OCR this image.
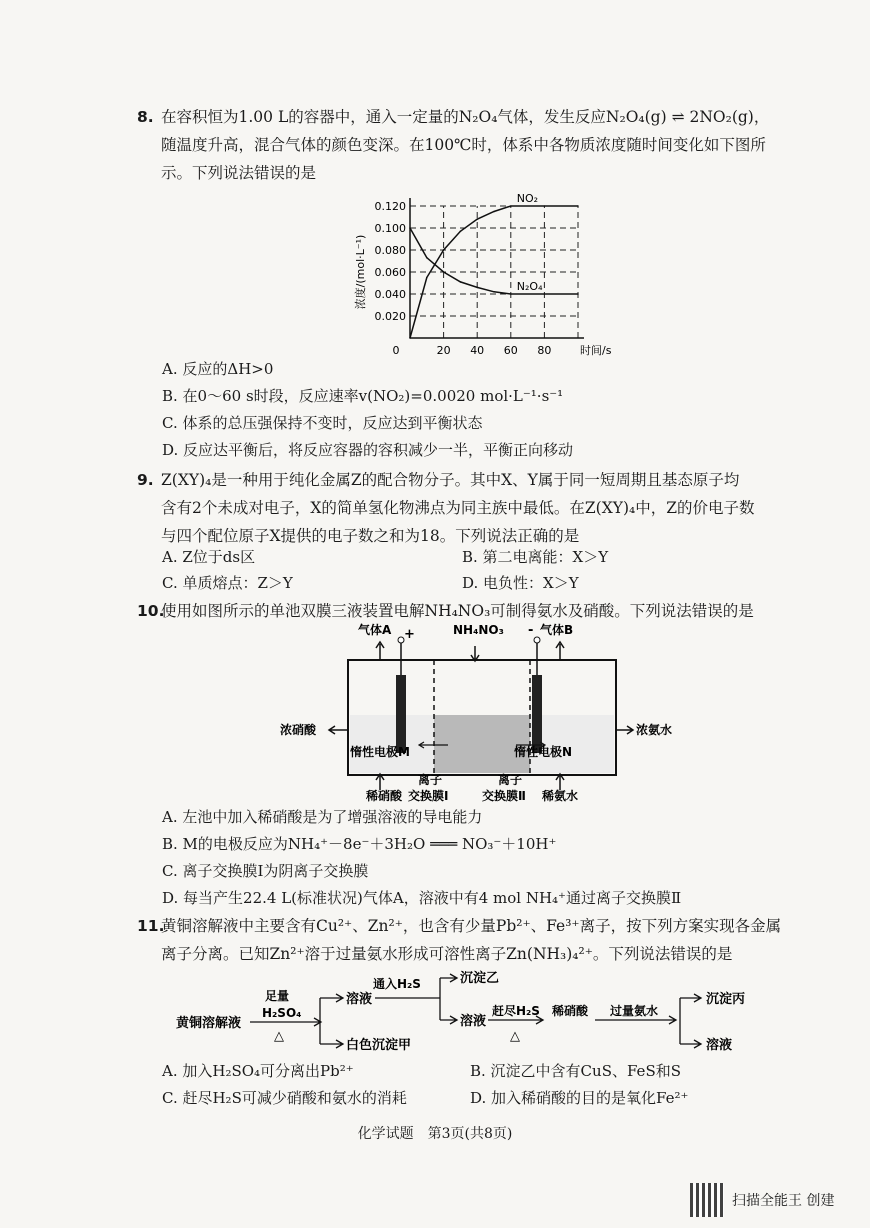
8. 在容积恒为1.00 L的容器中，通入一定量的N₂O₄气体，发生反应N₂O₄(g) ⇌ 2NO₂(g)，
随温度升高，混合气体的颜色变深。在100℃时，体系中各物质浓度随时间变化如下图所
示。下列说法错误的是
0.020
0.040
0.060
0.080
0.100
0.120
0	20 40 60 80	时间/s
浓度/(mol·L⁻¹)
NO₂
N₂O₄
A. 反应的ΔH>0
B. 在0～60 s时段，反应速率v(NO₂)=0.0020 mol·L⁻¹·s⁻¹
C. 体系的总压强保持不变时，反应达到平衡状态
D. 反应达平衡后，将反应容器的容积减少一半，平衡正向移动
9. Z(XY)₄是一种用于纯化金属Z的配合物分子。其中X、Y属于同一短周期且基态原子均
含有2个未成对电子，X的简单氢化物沸点为同主族中最低。在Z(XY)₄中，Z的价电子数
与四个配位原子X提供的电子数之和为18。下列说法正确的是
A. Z位于ds区	B. 第二电离能：X＞Y
C. 单质熔点：Z＞Y	D. 电负性：X＞Y
10.使用如图所示的单池双膜三液装置电解NH₄NO₃可制得氨水及硝酸。下列说法错误的是
气体A +	NH₄NO₃ - 气体B
浓硝酸	浓氨水
惰性电极M	惰性电极N
离子
交换膜Ⅰ
离子
交换膜Ⅱ
稀硝酸	稀氨水
A. 左池中加入稀硝酸是为了增强溶液的导电能力
B. M的电极反应为NH₄⁺－8e⁻＋3H₂O ═══ NO₃⁻＋10H⁺
C. 离子交换膜Ⅰ为阴离子交换膜
D. 每当产生22.4 L(标准状况)气体A，溶液中有4 mol NH₄⁺通过离子交换膜Ⅱ
11.黄铜溶解液中主要含有Cu²⁺、Zn²⁺，也含有少量Pb²⁺、Fe³⁺离子，按下列方案实现各金属
离子分离。已知Zn²⁺溶于过量氨水形成可溶性离子Zn(NH₃)₄²⁺。下列说法错误的是
黄铜溶解液
足量
H₂SO₄
△
溶液
白色沉淀甲
通入H₂S	沉淀乙
溶液
赶尽H₂S
△
稀硝酸 过量氨水
沉淀丙
溶液
A. 加入H₂SO₄可分离出Pb²⁺	B. 沉淀乙中含有CuS、FeS和S
C. 赶尽H₂S可减少硝酸和氨水的消耗	D. 加入稀硝酸的目的是氧化Fe²⁺
化学试题　第3页(共8页)
扫描全能王 创建
